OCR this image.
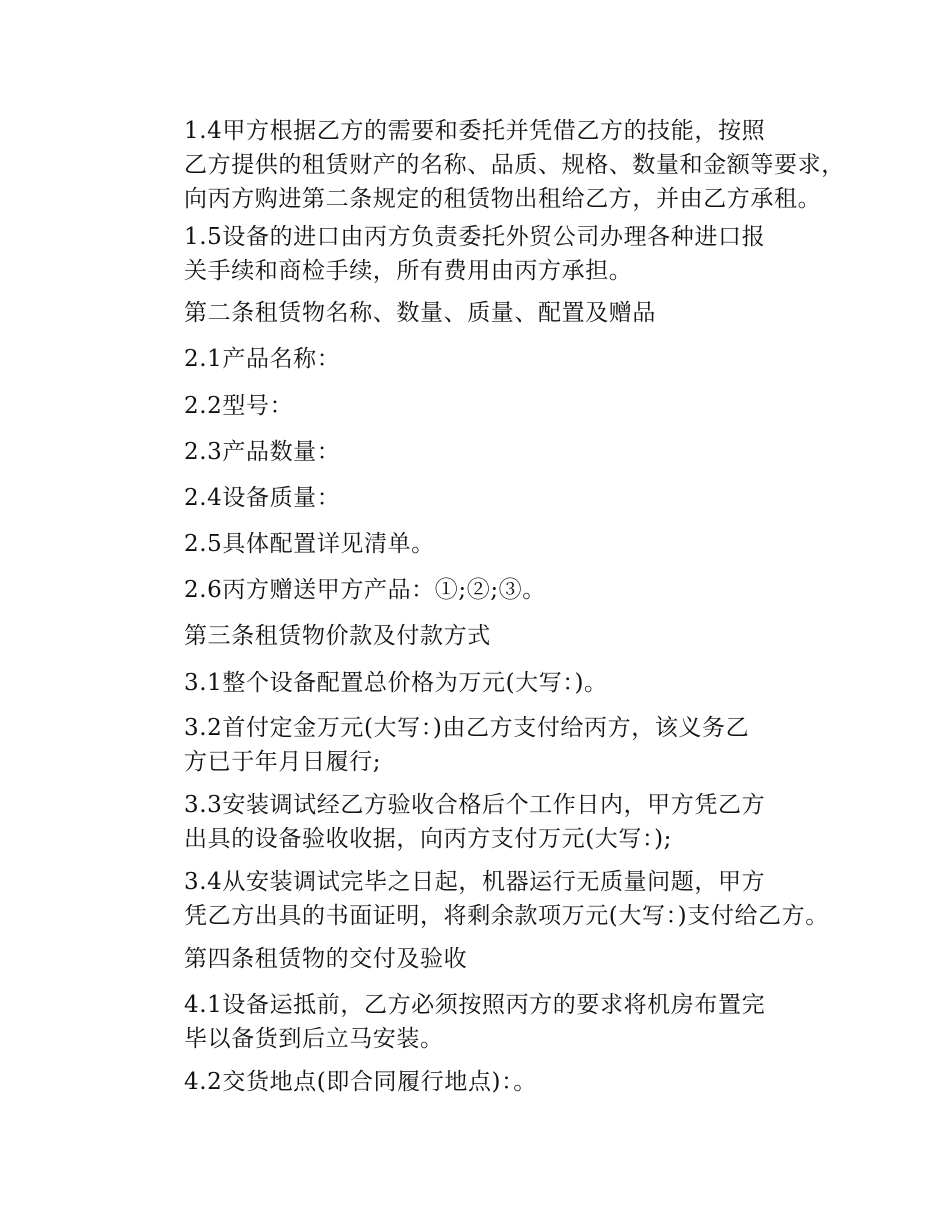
1.4甲方根据乙方的需要和委托并凭借乙方的技能，按照
乙方提供的租赁财产的名称、品质、规格、数量和金额等要求，
向丙方购进第二条规定的租赁物出租给乙方，并由乙方承租。

1.5设备的进口由丙方负责委托外贸公司办理各种进口报
关手续和商检手续，所有费用由丙方承担。

第二条租赁物名称、数量、质量、配置及赠品

2.1产品名称：

2.2型号：

2.3产品数量：

2.4设备质量：

2.5具体配置详见清单。

2.6丙方赠送甲方产品：①;②;③。

第三条租赁物价款及付款方式

3.1整个设备配置总价格为万元(大写：)。

3.2首付定金万元(大写：)由乙方支付给丙方，该义务乙
方已于年月日履行;

3.3安装调试经乙方验收合格后个工作日内，甲方凭乙方
出具的设备验收收据，向丙方支付万元(大写：);

3.4从安装调试完毕之日起，机器运行无质量问题，甲方
凭乙方出具的书面证明，将剩余款项万元(大写：)支付给乙方。

第四条租赁物的交付及验收

4.1设备运抵前，乙方必须按照丙方的要求将机房布置完
毕以备货到后立马安装。

4.2交货地点(即合同履行地点)：。
